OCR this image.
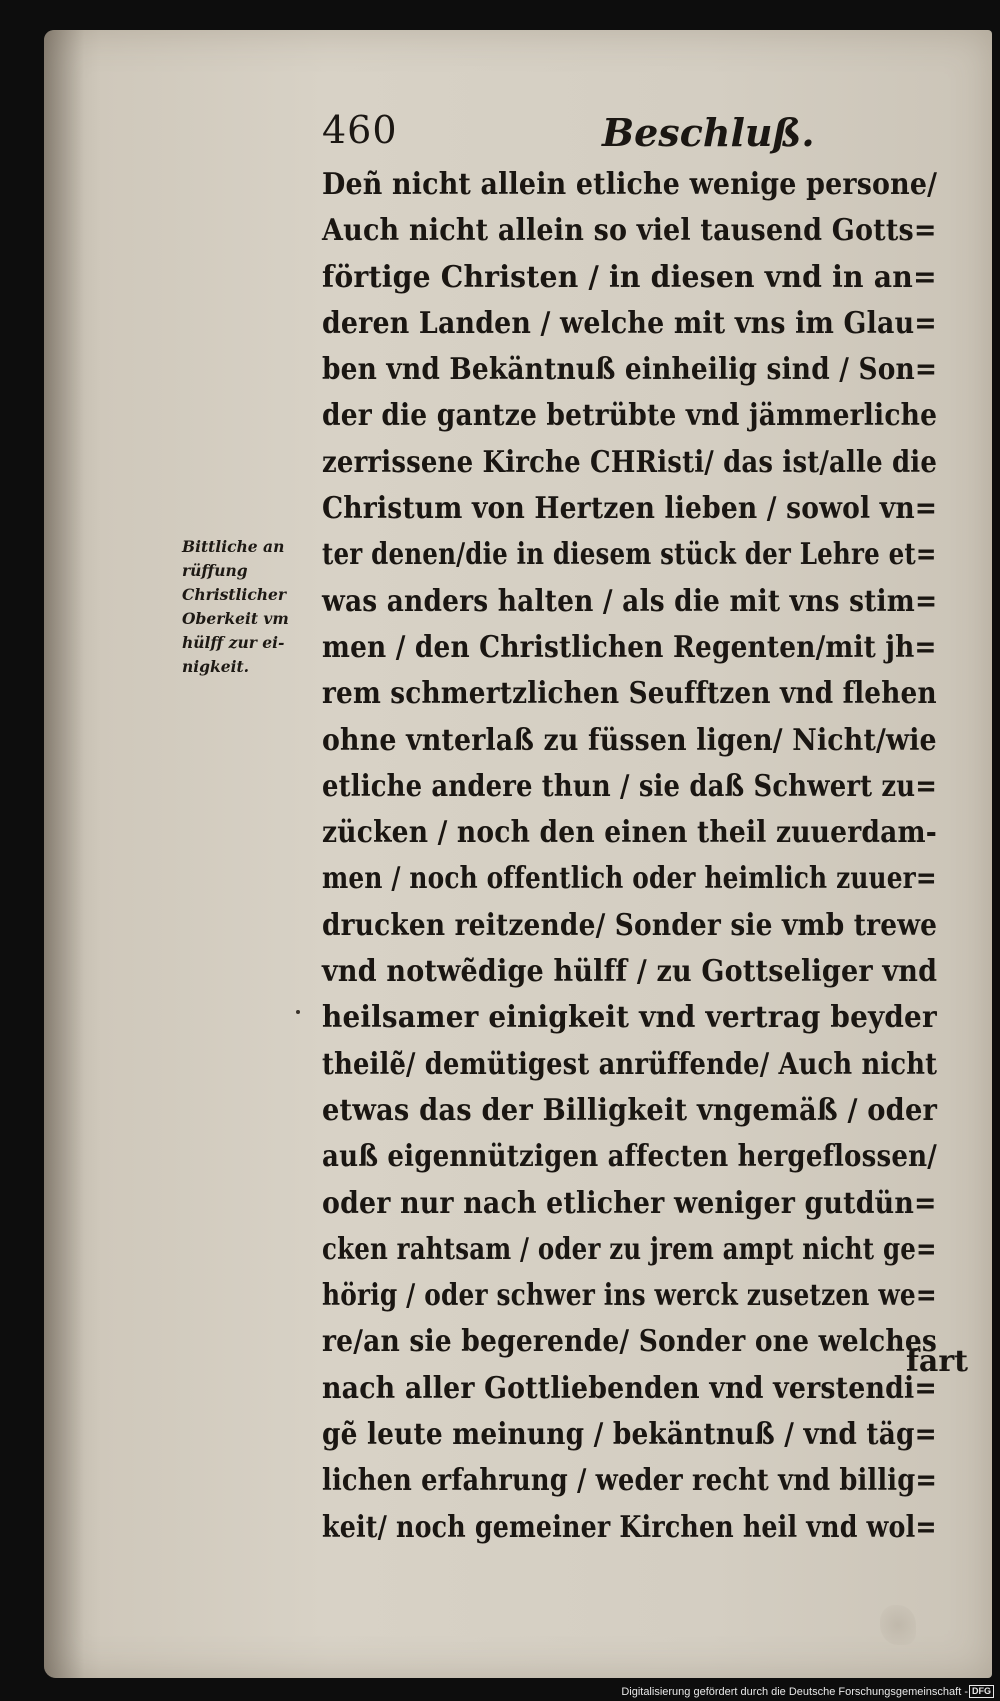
460	Beschluß.
Bittliche an
rüffung
Christlicher
Oberkeit vm
hülff zur ei-
nigkeit.
Deñ nicht allein etliche wenige persone/
Auch nicht allein so viel tausend Gotts=
förtige Christen / in diesen vnd in an=
deren Landen / welche mit vns im Glau=
ben vnd Bekäntnuß einheilig sind / Son=
der die gantze betrübte vnd jämmerliche
zerrissene Kirche CHRisti/ das ist/alle die
Christum von Hertzen lieben / sowol vn=
ter denen/die in diesem stück der Lehre et=
was anders halten / als die mit vns stim=
men / den Christlichen Regenten/mit jh=
rem schmertzlichen Seufftzen vnd flehen
ohne vnterlaß zu füssen ligen/ Nicht/wie
etliche andere thun / sie daß Schwert zu=
zücken / noch den einen theil zuuerdam-
men / noch offentlich oder heimlich zuuer=
drucken reitzende/ Sonder sie vmb trewe
vnd notwẽdige hülff / zu Gottseliger vnd
heilsamer einigkeit vnd vertrag beyder
theilẽ/ demütigest anrüffende/ Auch nicht
etwas das der Billigkeit vngemäß / oder
auß eigennützigen affecten hergeflossen/
oder nur nach etlicher weniger gutdün=
cken rahtsam / oder zu jrem ampt nicht ge=
hörig / oder schwer ins werck zusetzen we=
re/an sie begerende/ Sonder one welches
nach aller Gottliebenden vnd verstendi=
gẽ leute meinung / bekäntnuß / vnd täg=
lichen erfahrung / weder recht vnd billig=
keit/ noch gemeiner Kirchen heil vnd wol=
fart
Digitalisierung gefördert durch die Deutsche Forschungsgemeinschaft - DFG
